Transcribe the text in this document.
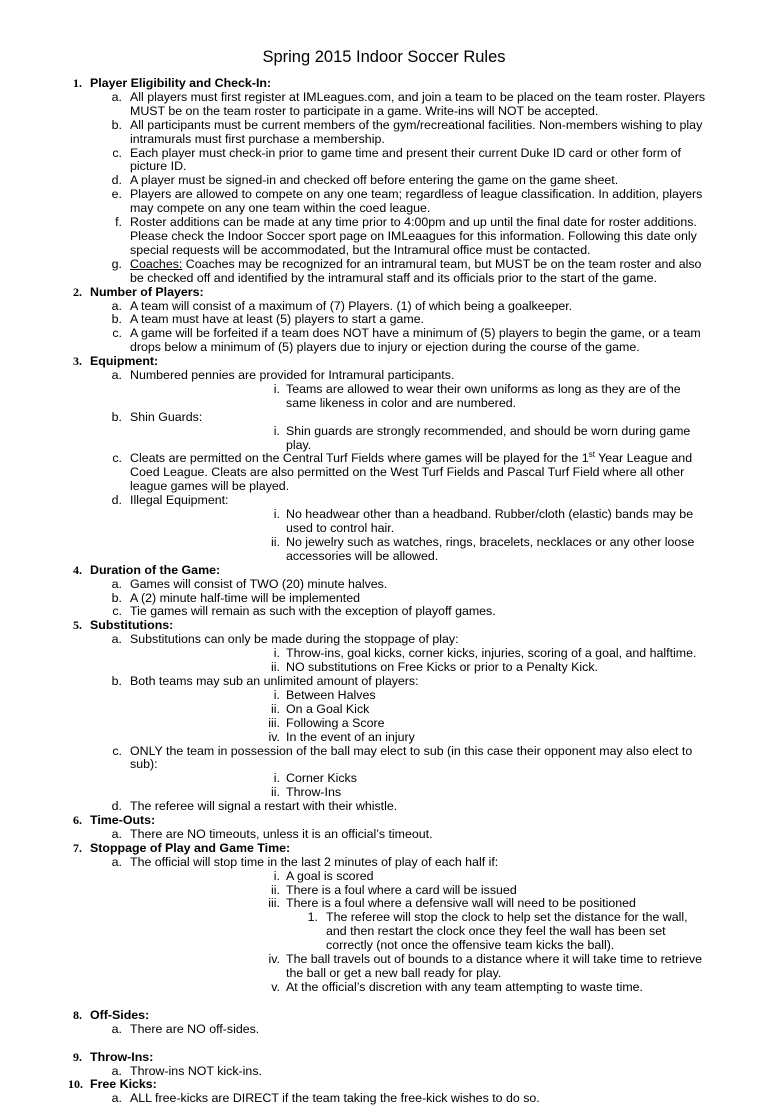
Spring 2015 Indoor Soccer Rules
1. Player Eligibility and Check-In:
a. All players must first register at IMLeagues.com, and join a team to be placed on the team roster. Players MUST be on the team roster to participate in a game. Write-ins will NOT be accepted.
b. All participants must be current members of the gym/recreational facilities. Non-members wishing to play intramurals must first purchase a membership.
c. Each player must check-in prior to game time and present their current Duke ID card or other form of picture ID.
d. A player must be signed-in and checked off before entering the game on the game sheet.
e. Players are allowed to compete on any one team; regardless of league classification. In addition, players may compete on any one team within the coed league.
f. Roster additions can be made at any time prior to 4:00pm and up until the final date for roster additions. Please check the Indoor Soccer sport page on IMLeaagues for this information. Following this date only special requests will be accommodated, but the Intramural office must be contacted.
g. Coaches: Coaches may be recognized for an intramural team, but MUST be on the team roster and also be checked off and identified by the intramural staff and its officials prior to the start of the game.
2. Number of Players:
a. A team will consist of a maximum of (7) Players. (1) of which being a goalkeeper.
b. A team must have at least (5) players to start a game.
c. A game will be forfeited if a team does NOT have a minimum of (5) players to begin the game, or a team drops below a minimum of (5) players due to injury or ejection during the course of the game.
3. Equipment:
a. Numbered pennies are provided for Intramural participants.
i. Teams are allowed to wear their own uniforms as long as they are of the same likeness in color and are numbered.
b. Shin Guards:
i. Shin guards are strongly recommended, and should be worn during game play.
c. Cleats are permitted on the Central Turf Fields where games will be played for the 1st Year League and Coed League. Cleats are also permitted on the West Turf Fields and Pascal Turf Field where all other league games will be played.
d. Illegal Equipment:
i. No headwear other than a headband. Rubber/cloth (elastic) bands may be used to control hair.
ii. No jewelry such as watches, rings, bracelets, necklaces or any other loose accessories will be allowed.
4. Duration of the Game:
a. Games will consist of TWO (20) minute halves.
b. A (2) minute half-time will be implemented
c. Tie games will remain as such with the exception of playoff games.
5. Substitutions:
a. Substitutions can only be made during the stoppage of play:
i. Throw-ins, goal kicks, corner kicks, injuries, scoring of a goal, and halftime.
ii. NO substitutions on Free Kicks or prior to a Penalty Kick.
b. Both teams may sub an unlimited amount of players:
i. Between Halves
ii. On a Goal Kick
iii. Following a Score
iv. In the event of an injury
c. ONLY the team in possession of the ball may elect to sub (in this case their opponent may also elect to sub):
i. Corner Kicks
ii. Throw-Ins
d. The referee will signal a restart with their whistle.
6. Time-Outs:
a. There are NO timeouts, unless it is an official’s timeout.
7. Stoppage of Play and Game Time:
a. The official will stop time in the last 2 minutes of play of each half if:
i. A goal is scored
ii. There is a foul where a card will be issued
iii. There is a foul where a defensive wall will need to be positioned
1. The referee will stop the clock to help set the distance for the wall, and then restart the clock once they feel the wall has been set correctly (not once the offensive team kicks the ball).
iv. The ball travels out of bounds to a distance where it will take time to retrieve the ball or get a new ball ready for play.
v. At the official’s discretion with any team attempting to waste time.
8. Off-Sides:
a. There are NO off-sides.
9. Throw-Ins:
a. Throw-ins NOT kick-ins.
10. Free Kicks:
a. ALL free-kicks are DIRECT if the team taking the free-kick wishes to do so.
